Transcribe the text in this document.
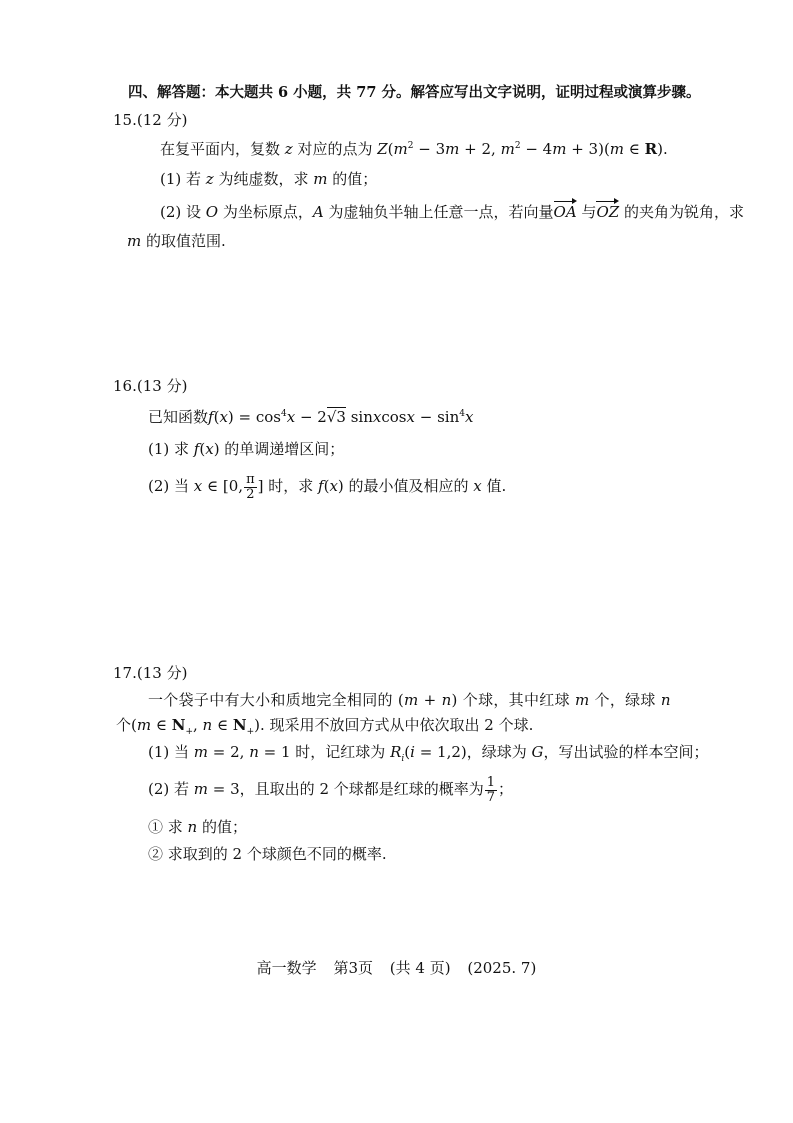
四、解答题：本大题共 6 小题，共 77 分。解答应写出文字说明，证明过程或演算步骤。
15.(12 分)
在复平面内，复数 z 对应的点为 $Z(m^2 - 3m + 2$, $m^2 - 4m + 3)(m$ ∈ R).
(1) 若 z 为纯虚数，求 m 的值；
(2) 设 O 为坐标原点，A 为虚轴负半轴上任意一点，若向量OA 与OZ 的夹角为锐角，求
m 的取值范围.
16.(13 分)
已知函数$f(x) = \cos^4x - 2√3$ sinxcosx − $\sin^4x$
(1) 求 f(x) 的单调递增区间；
(2) 当 x ∈ [0, $\frac{\pi}{2}$ ] 时，求 f(x) 的最小值及相应的 x 值.
17.(13 分)
一个袋子中有大小和质地完全相同的 (m + n) 个球，其中红球 m 个，绿球 n
个(m ∈ $N_+$, n ∈ $N_+$). 现采用不放回方式从中依次取出 2 个球.
(1) 当 m = 2, n = 1 时，记红球为 $R_i(i = 1,2)$，绿球为 G，写出试验的样本空间；
(2) 若 m = 3，且取出的 2 个球都是红球的概率为 $\frac{1}{7}$ ；
① 求 n 的值；
② 求取到的 2 个球颜色不同的概率.
高一数学 第3页 (共 4 页) (2025. 7)
